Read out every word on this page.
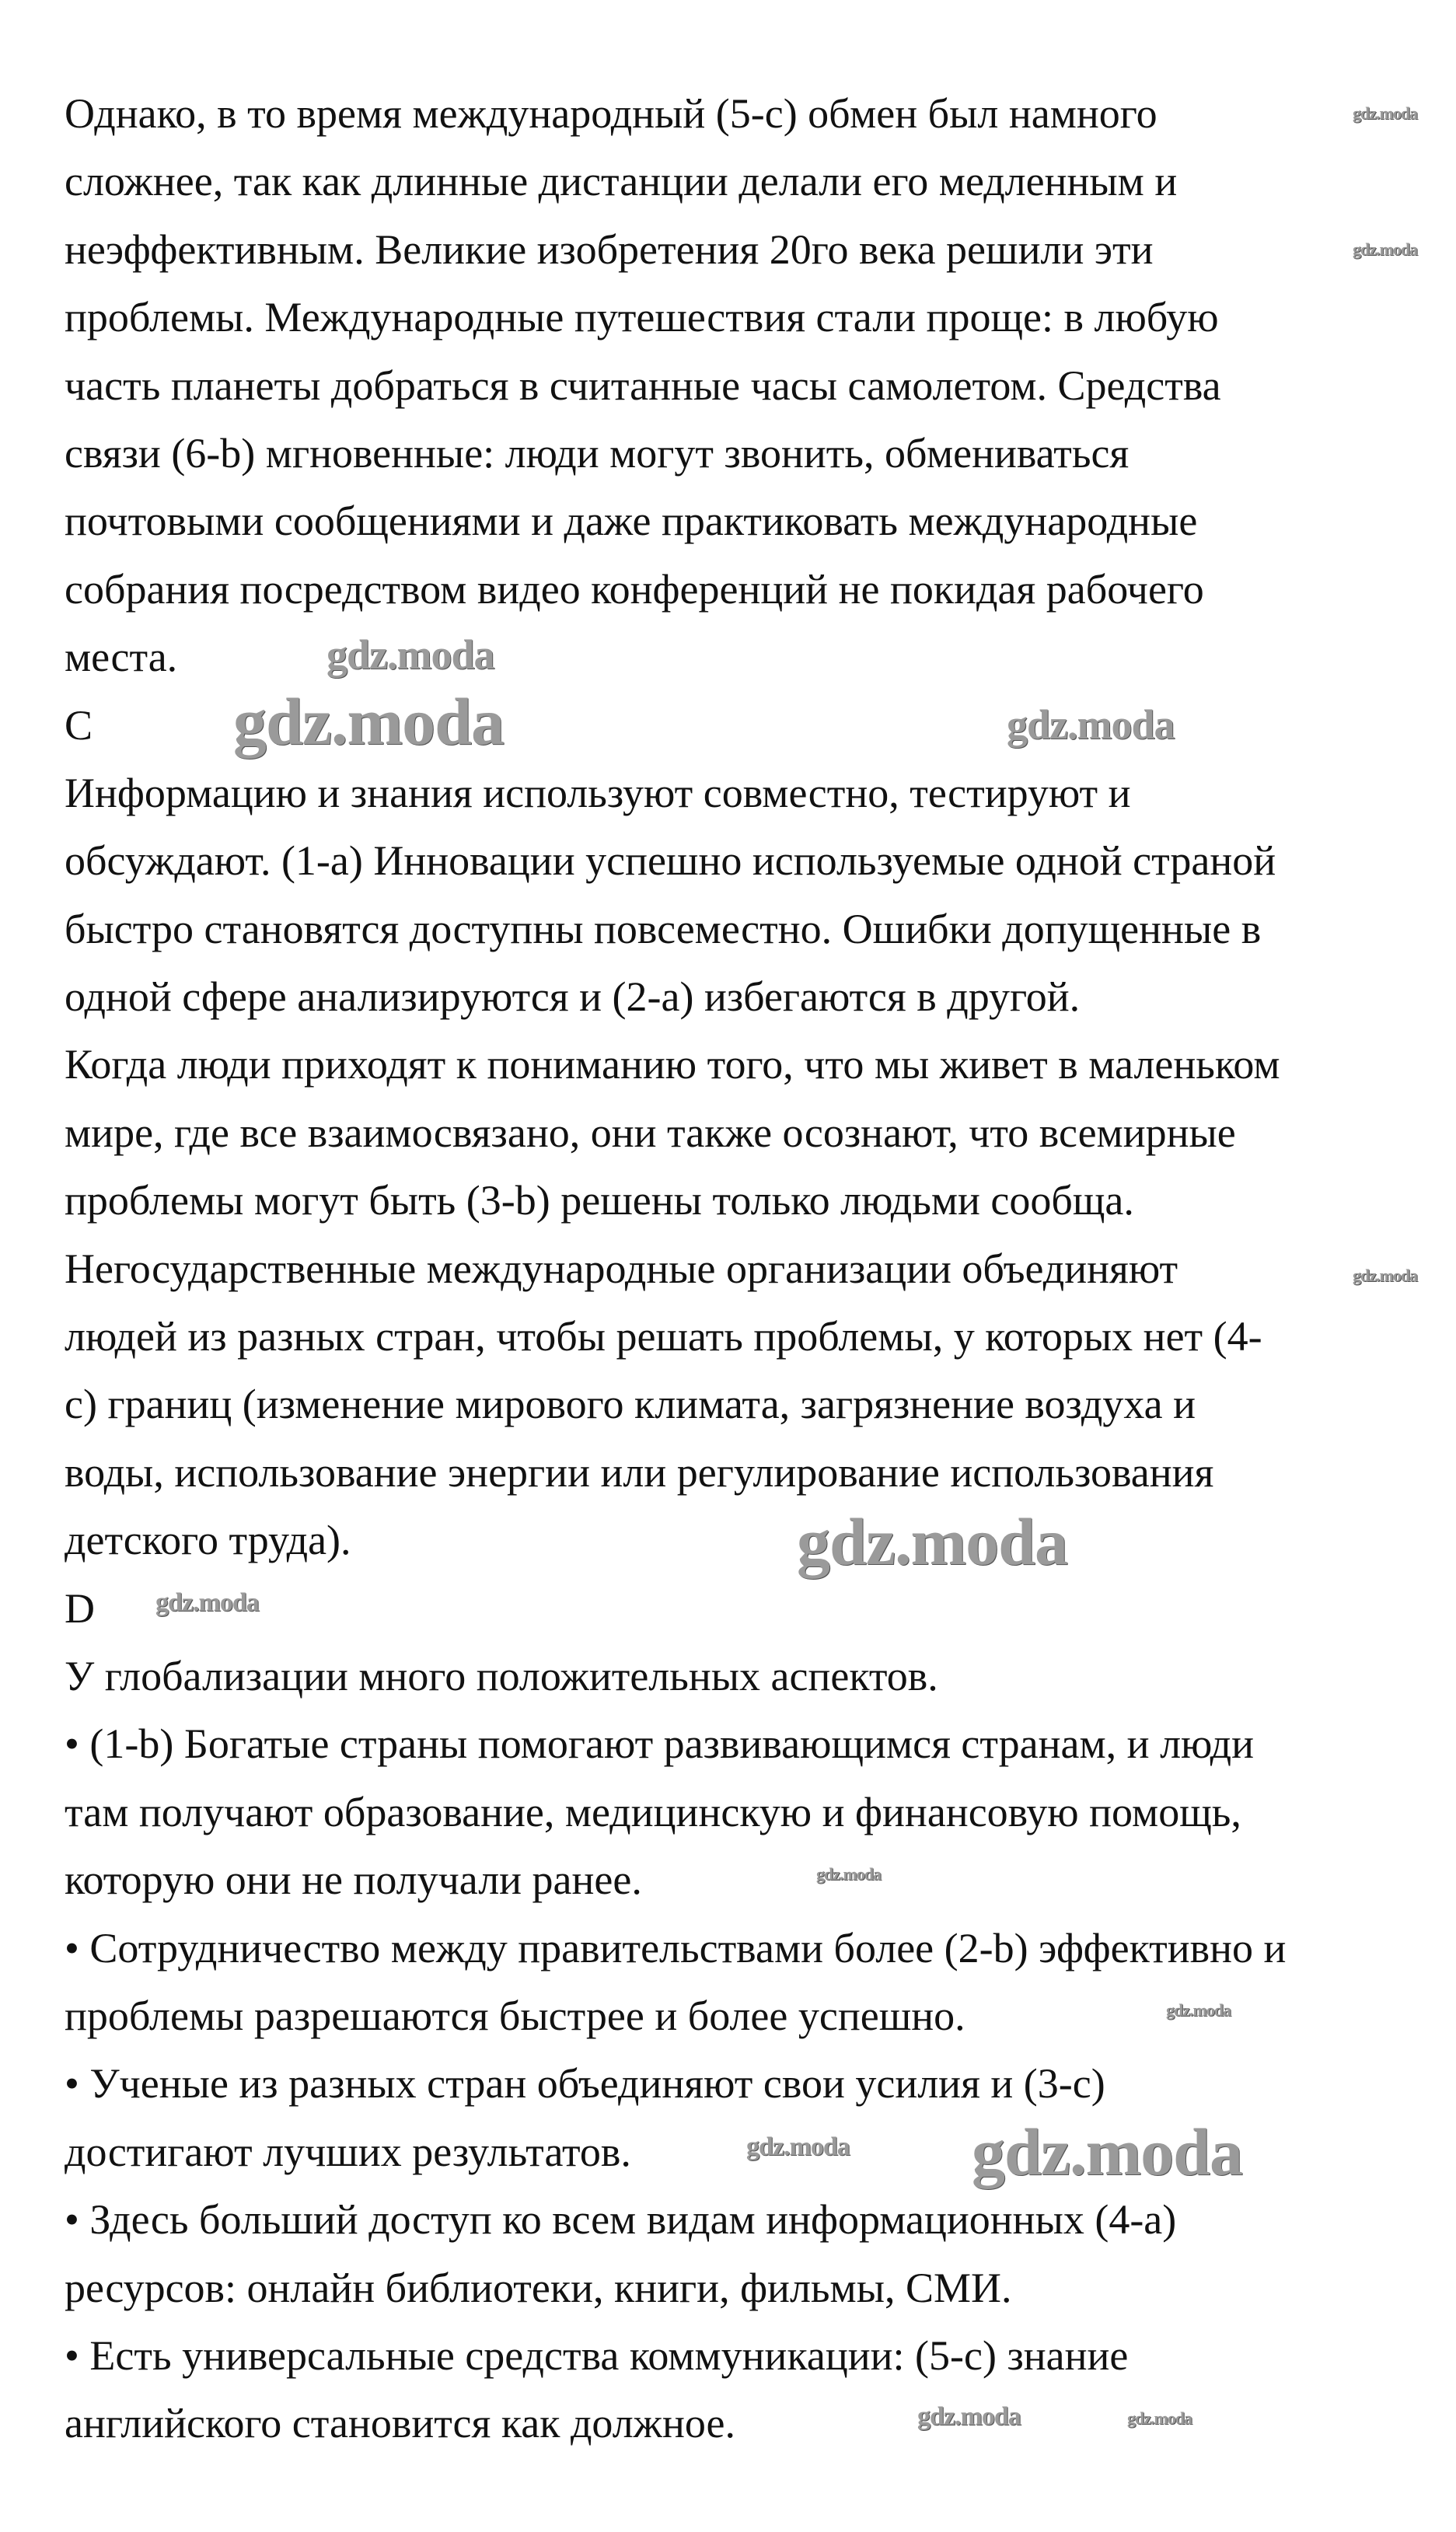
Однако, в то время международный (5-c) обмен был намного
сложнее, так как длинные дистанции делали его медленным и
неэффективным. Великие изобретения 20го века решили эти
проблемы. Международные путешествия стали проще: в любую
часть планеты добраться в считанные часы самолетом. Средства
связи (6-b) мгновенные: люди могут звонить, обмениваться
почтовыми сообщениями и даже практиковать международные
собрания посредством видео конференций не покидая рабочего
места.
C
Информацию и знания используют совместно, тестируют и
обсуждают. (1-a) Инновации успешно используемые одной страной
быстро становятся доступны повсеместно. Ошибки допущенные в
одной сфере анализируются и (2-a) избегаются в другой.
Когда люди приходят к пониманию того, что мы живет в маленьком
мире, где все взаимосвязано, они также осознают, что всемирные
проблемы могут быть (3-b) решены только людьми сообща.
Негосударственные международные организации объединяют
людей из разных стран, чтобы решать проблемы, у которых нет (4-
c) границ (изменение мирового климата, загрязнение воздуха и
воды, использование энергии или регулирование использования
детского труда).
D
У глобализации много положительных аспектов.
• (1-b) Богатые страны помогают развивающимся странам, и люди
там получают образование, медицинскую и финансовую помощь,
которую они не получали ранее.
• Сотрудничество между правительствами более (2-b) эффективно и
проблемы разрешаются быстрее и более успешно.
• Ученые из разных стран объединяют свои усилия и (3-c)
достигают лучших результатов.
• Здесь больший доступ ко всем видам информационных (4-a)
ресурсов: онлайн библиотеки, книги, фильмы, СМИ.
• Есть универсальные средства коммуникации: (5-c) знание
английского становится как должное.
gdz.moda
gdz.moda
gdz.moda
gdz.moda	gdz.moda
gdz.moda
gdz.moda
gdz.moda
gdz.moda
gdz.moda
gdz.moda gdz.moda
gdz.moda
gdz.moda
